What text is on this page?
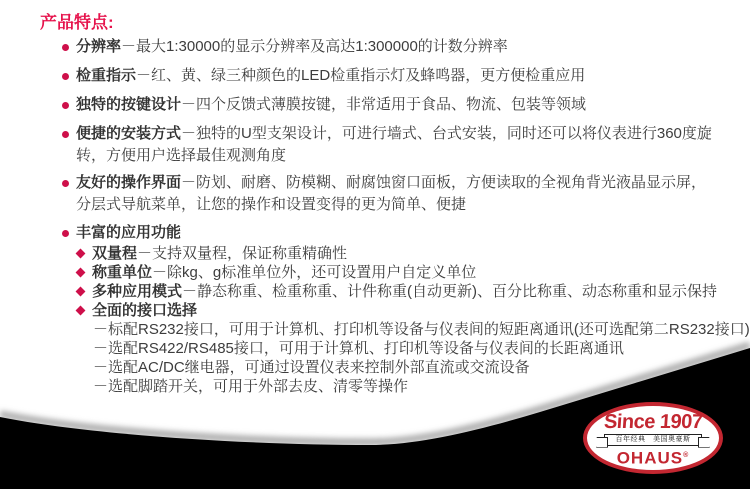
产品特点:
分辨率－最大1:30000的显示分辨率及高达1:300000的计数分辨率
检重指示－红、黄、绿三种颜色的LED检重指示灯及蜂鸣器，更方便检重应用
独特的按键设计－四个反馈式薄膜按键，非常适用于食品、物流、包装等领域
便捷的安装方式－独特的U型支架设计，可进行墙式、台式安装，同时还可以将仪表进行360度旋转，方便用户选择最佳观测角度
友好的操作界面－防划、耐磨、防模糊、耐腐蚀窗口面板，方便读取的全视角背光液晶显示屏，分层式导航菜单，让您的操作和设置变得的更为简单、便捷
丰富的应用功能
双量程－支持双量程，保证称重精确性
称重单位－除kg、g标准单位外，还可设置用户自定义单位
多种应用模式－静态称重、检重称重、计件称重(自动更新)、百分比称重、动态称重和显示保持
全面的接口选择
－标配RS232接口，可用于计算机、打印机等设备与仪表间的短距离通讯(还可选配第二RS232接口)
－选配RS422/RS485接口，可用于计算机、打印机等设备与仪表间的长距离通讯
－选配AC/DC继电器，可通过设置仪表来控制外部直流或交流设备
－选配脚踏开关，可用于外部去皮、清零等操作
Since 1907
百年经典　美国奥豪斯
OHAUS®
